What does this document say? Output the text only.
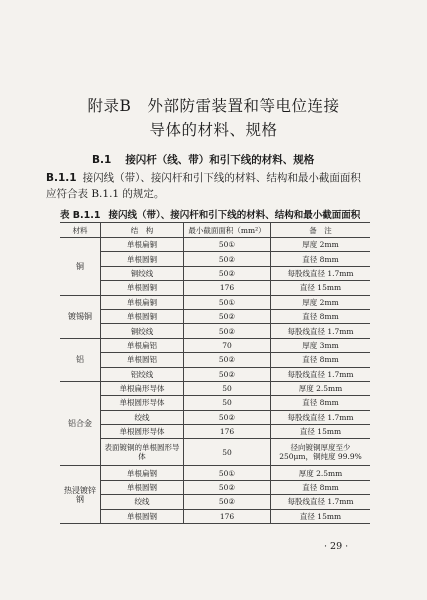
附录B　外部防雷装置和等电位连接
导体的材料、规格
B.1 接闪杆（线、带）和引下线的材料、规格
B.1.1 接闪线（带）、接闪杆和引下线的材料、结构和最小截面面积应符合表 B.1.1 的规定。
表 B.1.1 接闪线（带）、接闪杆和引下线的材料、结构和最小截面面积
材料	结　构	最小截面面积（mm²）	备　注
铜	单根扁铜	50①	厚度 2mm
	单根圆铜	50②	直径 8mm
	铜绞线	50②	每股线直径 1.7mm
	单根圆铜	176	直径 15mm
镀锡铜	单根扁铜	50①	厚度 2mm
	单根圆铜	50②	直径 8mm
	铜绞线	50②	每股线直径 1.7mm
铝	单根扁铝	70	厚度 3mm
	单根圆铝	50②	直径 8mm
	铝绞线	50②	每股线直径 1.7mm
铝合金	单根扁形导体	50	厚度 2.5mm
	单根圆形导体	50	直径 8mm
	绞线	50②	每股线直径 1.7mm
	单根圆形导体	176	直径 15mm
	表面镀铜的单根圆形导体	50	径向镀铜厚度至少 250μm，铜纯度 99.9%
热浸镀锌钢	单根扁钢	50①	厚度 2.5mm
	单根圆钢	50②	直径 8mm
	绞线	50②	每股线直径 1.7mm
	单根圆钢	176	直径 15mm
· 29 ·
